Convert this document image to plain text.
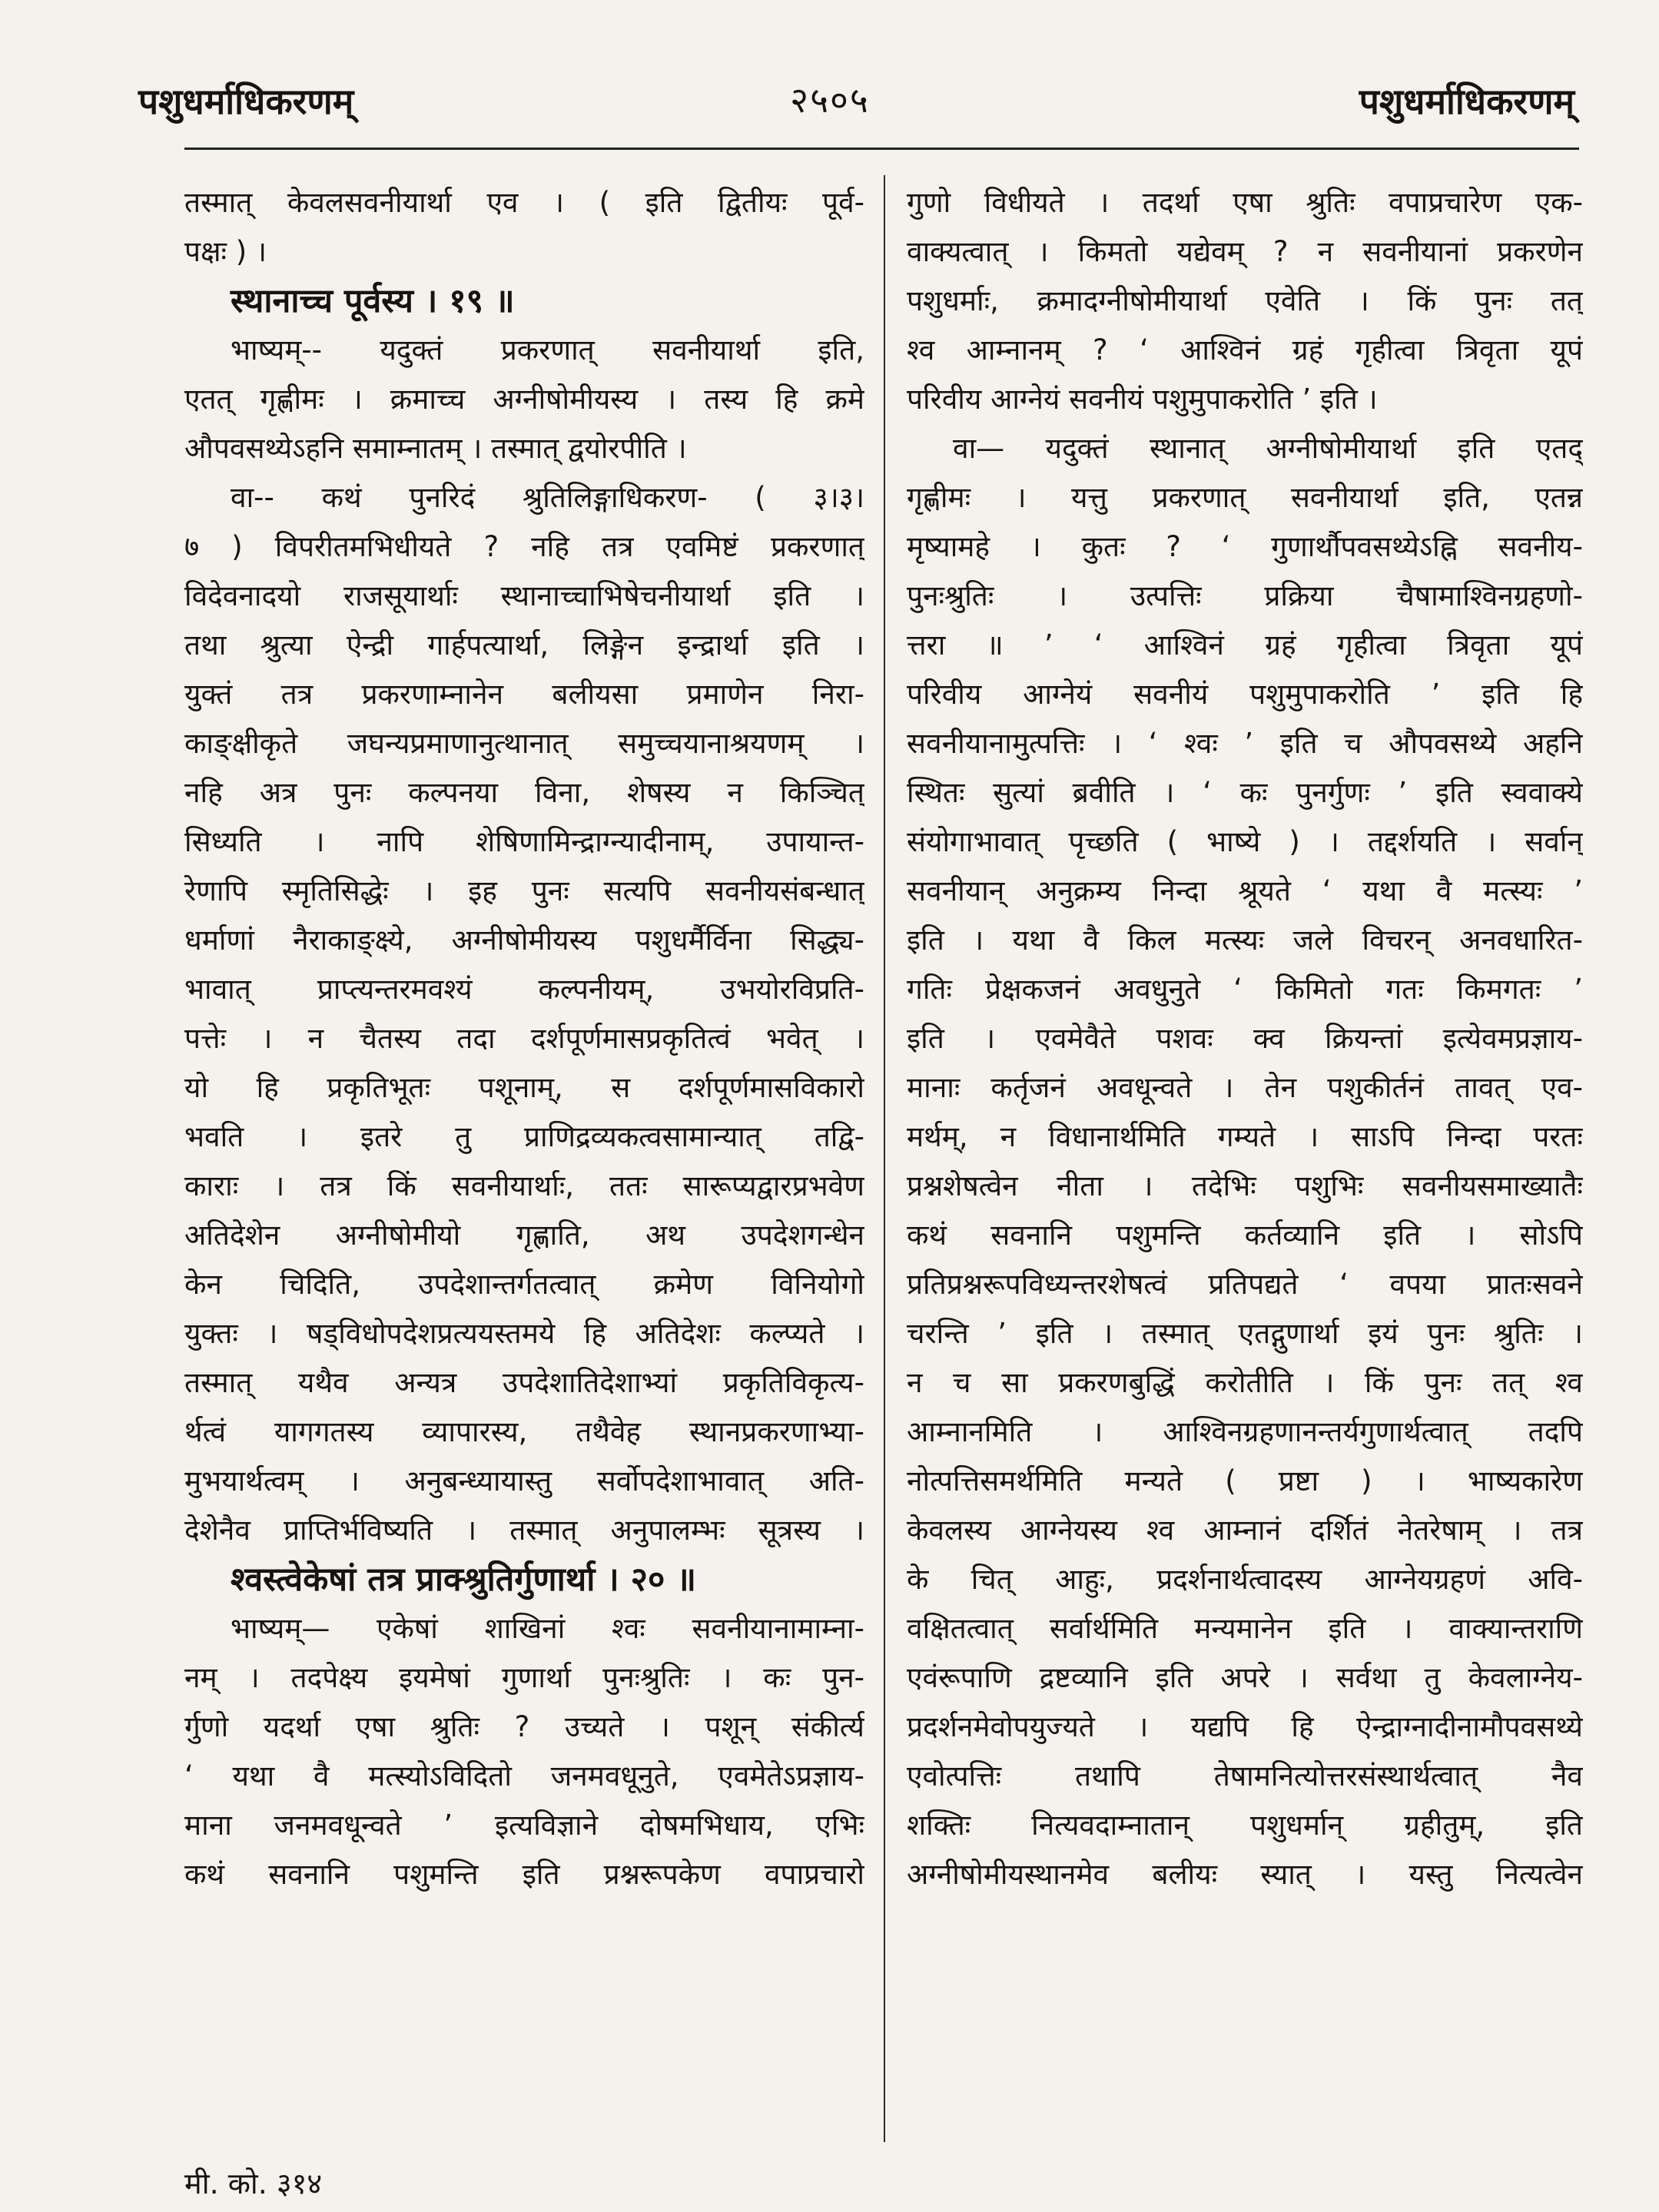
पशुधर्माधिकरणम्	२५०५	पशुधर्माधिकरणम्
तस्मात् केवलसवनीयार्था एव । ( इति द्वितीयः पूर्व-
पक्षः ) ।
स्थानाच्च पूर्वस्य । १९ ॥
भाष्यम्-- यदुक्तं प्रकरणात् सवनीयार्था इति,
एतत् गृह्णीमः । क्रमाच्च अग्नीषोमीयस्य । तस्य हि क्रमे
औपवसथ्येऽहनि समाम्नातम् । तस्मात् द्वयोरपीति ।
वा-- कथं पुनरिदं श्रुतिलिङ्गाधिकरण- ( ३।३।
७ ) विपरीतमभिधीयते ? नहि तत्र एवमिष्टं प्रकरणात्
विदेवनादयो राजसूयार्थाः स्थानाच्चाभिषेचनीयार्था इति ।
तथा श्रुत्या ऐन्द्री गार्हपत्यार्था, लिङ्गेन इन्द्रार्था इति ।
युक्तं तत्र प्रकरणाम्नानेन बलीयसा प्रमाणेन निरा-
काङ्क्षीकृते जघन्यप्रमाणानुत्थानात् समुच्चयानाश्रयणम् ।
नहि अत्र पुनः कल्पनया विना, शेषस्य न किञ्चित्
सिध्यति । नापि शेषिणामिन्द्राग्न्यादीनाम्, उपायान्त-
रेणापि स्मृतिसिद्धेः । इह पुनः सत्यपि सवनीयसंबन्धात्
धर्माणां नैराकाङ्क्ष्ये, अग्नीषोमीयस्य पशुधर्मैर्विना सिद्ध्य-
भावात् प्राप्त्यन्तरमवश्यं कल्पनीयम्, उभयोरविप्रति-
पत्तेः । न चैतस्य तदा दर्शपूर्णमासप्रकृतित्वं भवेत् ।
यो हि प्रकृतिभूतः पशूनाम्, स दर्शपूर्णमासविकारो
भवति । इतरे तु प्राणिद्रव्यकत्वसामान्यात् तद्वि-
काराः । तत्र किं सवनीयार्थाः, ततः सारूप्यद्वारप्रभवेण
अतिदेशेन अग्नीषोमीयो गृह्णाति, अथ उपदेशगन्धेन
केन चिदिति, उपदेशान्तर्गतत्वात् क्रमेण विनियोगो
युक्तः । षड्विधोपदेशप्रत्ययस्तमये हि अतिदेशः कल्प्यते ।
तस्मात् यथैव अन्यत्र उपदेशातिदेशाभ्यां प्रकृतिविकृत्य-
र्थत्वं यागगतस्य व्यापारस्य, तथैवेह स्थानप्रकरणाभ्या-
मुभयार्थत्वम् । अनुबन्ध्यायास्तु सर्वोपदेशाभावात् अति-
देशेनैव प्राप्तिर्भविष्यति । तस्मात् अनुपालम्भः सूत्रस्य ।
श्वस्त्वेकेषां तत्र प्राक्श्रुतिर्गुणार्था । २० ॥
भाष्यम्— एकेषां शाखिनां श्वः सवनीयानामाम्ना-
नम् । तदपेक्ष्य इयमेषां गुणार्था पुनःश्रुतिः । कः पुन-
र्गुणो यदर्था एषा श्रुतिः ? उच्यते । पशून् संकीर्त्य
‘ यथा वै मत्स्योऽविदितो जनमवधूनुते, एवमेतेऽप्रज्ञाय-
माना जनमवधून्वते ’ इत्यविज्ञाने दोषमभिधाय, एभिः
कथं सवनानि पशुमन्ति इति प्रश्नरूपकेण वपाप्रचारो
गुणो विधीयते । तदर्था एषा श्रुतिः वपाप्रचारेण एक-
वाक्यत्वात् । किमतो यद्येवम् ? न सवनीयानां प्रकरणेन
पशुधर्माः, क्रमादग्नीषोमीयार्था एवेति । किं पुनः तत्
श्व आम्नानम् ? ‘ आश्विनं ग्रहं गृहीत्वा त्रिवृता यूपं
परिवीय आग्नेयं सवनीयं पशुमुपाकरोति ’ इति ।
वा— यदुक्तं स्थानात् अग्नीषोमीयार्था इति एतद्
गृह्णीमः । यत्तु प्रकरणात् सवनीयार्था इति, एतन्न
मृष्यामहे । कुतः ? ‘ गुणार्थौपवसथ्येऽह्नि सवनीय-
पुनःश्रुतिः । उत्पत्तिः प्रक्रिया चैषामाश्विनग्रहणो-
त्तरा ॥ ’ ‘ आश्विनं ग्रहं गृहीत्वा त्रिवृता यूपं
परिवीय आग्नेयं सवनीयं पशुमुपाकरोति ’ इति हि
सवनीयानामुत्पत्तिः । ‘ श्वः ’ इति च औपवसथ्ये अहनि
स्थितः सुत्यां ब्रवीति । ‘ कः पुनर्गुणः ’ इति स्ववाक्ये
संयोगाभावात् पृच्छति ( भाष्ये ) । तद्दर्शयति । सर्वान्
सवनीयान् अनुक्रम्य निन्दा श्रूयते ‘ यथा वै मत्स्यः ’
इति । यथा वै किल मत्स्यः जले विचरन् अनवधारित-
गतिः प्रेक्षकजनं अवधुनुते ‘ किमितो गतः किमगतः ’
इति । एवमेवैते पशवः क्व क्रियन्तां इत्येवमप्रज्ञाय-
मानाः कर्तृजनं अवधून्वते । तेन पशुकीर्तनं तावत् एव-
मर्थम्, न विधानार्थमिति गम्यते । साऽपि निन्दा परतः
प्रश्नशेषत्वेन नीता । तदेभिः पशुभिः सवनीयसमाख्यातैः
कथं सवनानि पशुमन्ति कर्तव्यानि इति । सोऽपि
प्रतिप्रश्नरूपविध्यन्तरशेषत्वं प्रतिपद्यते ‘ वपया प्रातःसवने
चरन्ति ’ इति । तस्मात् एतद्गुणार्था इयं पुनः श्रुतिः ।
न च सा प्रकरणबुद्धिं करोतीति । किं पुनः तत् श्व
आम्नानमिति । आश्विनग्रहणानन्तर्यगुणार्थत्वात् तदपि
नोत्पत्तिसमर्थमिति मन्यते ( प्रष्टा ) । भाष्यकारेण
केवलस्य आग्नेयस्य श्व आम्नानं दर्शितं नेतरेषाम् । तत्र
के चित् आहुः, प्रदर्शनार्थत्वादस्य आग्नेयग्रहणं अवि-
वक्षितत्वात् सर्वार्थमिति मन्यमानेन इति । वाक्यान्तराणि
एवंरूपाणि द्रष्टव्यानि इति अपरे । सर्वथा तु केवलाग्नेय-
प्रदर्शनमेवोपयुज्यते । यद्यपि हि ऐन्द्राग्नादीनामौपवसथ्ये
एवोत्पत्तिः तथापि तेषामनित्योत्तरसंस्थार्थत्वात् नैव
शक्तिः नित्यवदाम्नातान् पशुधर्मान् ग्रहीतुम्, इति
अग्नीषोमीयस्थानमेव बलीयः स्यात् । यस्तु नित्यत्वेन
मी. को. ३१४
